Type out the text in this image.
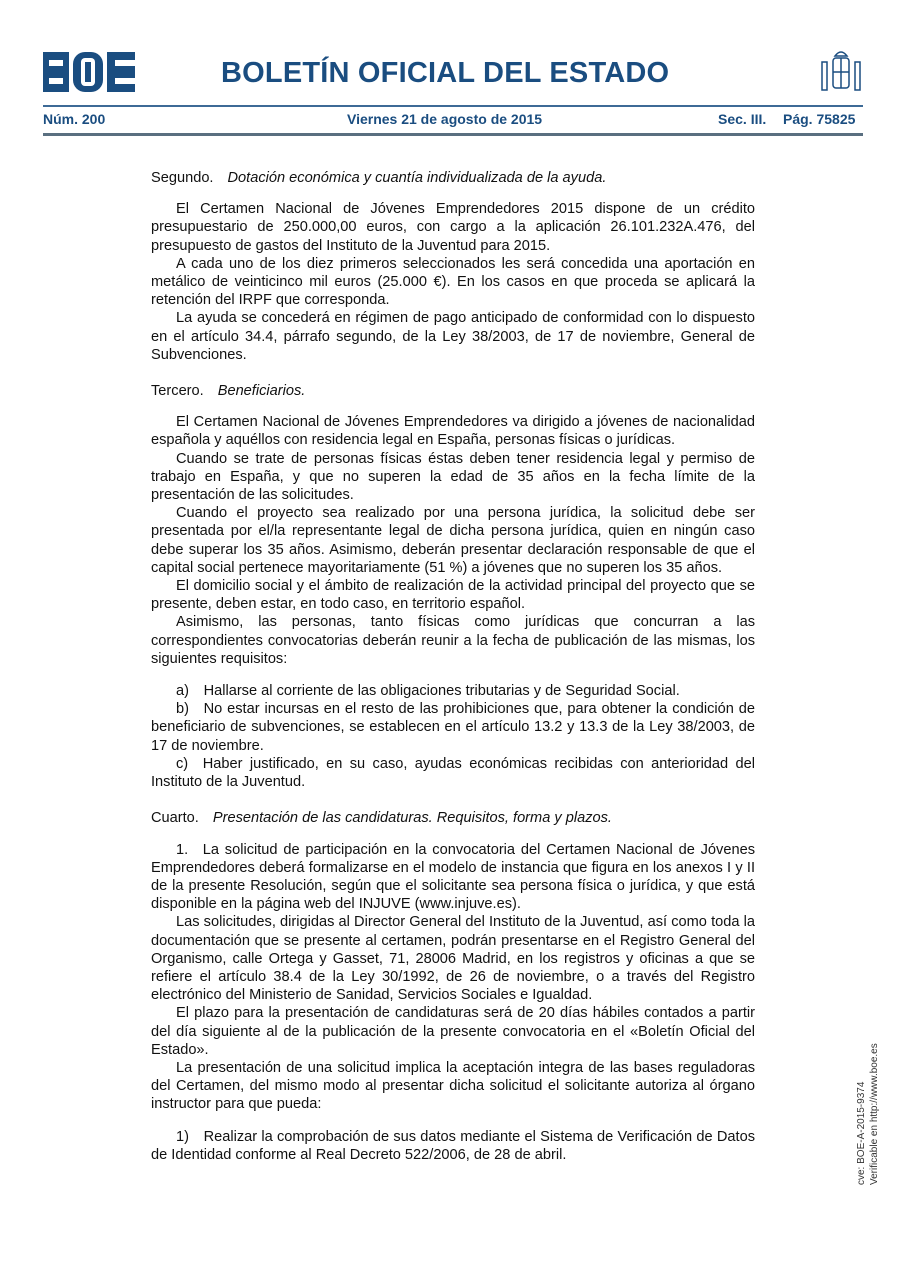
BOLETÍN OFICIAL DEL ESTADO
Núm. 200	Viernes 21 de agosto de 2015	Sec. III. Pág. 75825
Segundo. Dotación económica y cuantía individualizada de la ayuda.

El Certamen Nacional de Jóvenes Emprendedores 2015 dispone de un crédito presupuestario de 250.000,00 euros, con cargo a la aplicación 26.101.232A.476, del presupuesto de gastos del Instituto de la Juventud para 2015.

A cada uno de los diez primeros seleccionados les será concedida una aportación en metálico de veinticinco mil euros (25.000 €). En los casos en que proceda se aplicará la retención del IRPF que corresponda.

La ayuda se concederá en régimen de pago anticipado de conformidad con lo dispuesto en el artículo 34.4, párrafo segundo, de la Ley 38/2003, de 17 de noviembre, General de Subvenciones.

Tercero. Beneficiarios.

El Certamen Nacional de Jóvenes Emprendedores va dirigido a jóvenes de nacionalidad española y aquéllos con residencia legal en España, personas físicas o jurídicas.

Cuando se trate de personas físicas éstas deben tener residencia legal y permiso de trabajo en España, y que no superen la edad de 35 años en la fecha límite de la presentación de las solicitudes.

Cuando el proyecto sea realizado por una persona jurídica, la solicitud debe ser presentada por el/la representante legal de dicha persona jurídica, quien en ningún caso debe superar los 35 años. Asimismo, deberán presentar declaración responsable de que el capital social pertenece mayoritariamente (51 %) a jóvenes que no superen los 35 años.

El domicilio social y el ámbito de realización de la actividad principal del proyecto que se presente, deben estar, en todo caso, en territorio español.

Asimismo, las personas, tanto físicas como jurídicas que concurran a las correspondientes convocatorias deberán reunir a la fecha de publicación de las mismas, los siguientes requisitos:

a) Hallarse al corriente de las obligaciones tributarias y de Seguridad Social.

b) No estar incursas en el resto de las prohibiciones que, para obtener la condición de beneficiario de subvenciones, se establecen en el artículo 13.2 y 13.3 de la Ley 38/2003, de 17 de noviembre.

c) Haber justificado, en su caso, ayudas económicas recibidas con anterioridad del Instituto de la Juventud.

Cuarto. Presentación de las candidaturas. Requisitos, forma y plazos.

1. La solicitud de participación en la convocatoria del Certamen Nacional de Jóvenes Emprendedores deberá formalizarse en el modelo de instancia que figura en los anexos I y II de la presente Resolución, según que el solicitante sea persona física o jurídica, y que está disponible en la página web del INJUVE (www.injuve.es).

Las solicitudes, dirigidas al Director General del Instituto de la Juventud, así como toda la documentación que se presente al certamen, podrán presentarse en el Registro General del Organismo, calle Ortega y Gasset, 71, 28006 Madrid, en los registros y oficinas a que se refiere el artículo 38.4 de la Ley 30/1992, de 26 de noviembre, o a través del Registro electrónico del Ministerio de Sanidad, Servicios Sociales e Igualdad.

El plazo para la presentación de candidaturas será de 20 días hábiles contados a partir del día siguiente al de la publicación de la presente convocatoria en el «Boletín Oficial del Estado».

La presentación de una solicitud implica la aceptación integra de las bases reguladoras del Certamen, del mismo modo al presentar dicha solicitud el solicitante autoriza al órgano instructor para que pueda:

1) Realizar la comprobación de sus datos mediante el Sistema de Verificación de Datos de Identidad conforme al Real Decreto 522/2006, de 28 de abril.	cve: BOE-A-2015-9374 Verificable en http://www.boe.es
